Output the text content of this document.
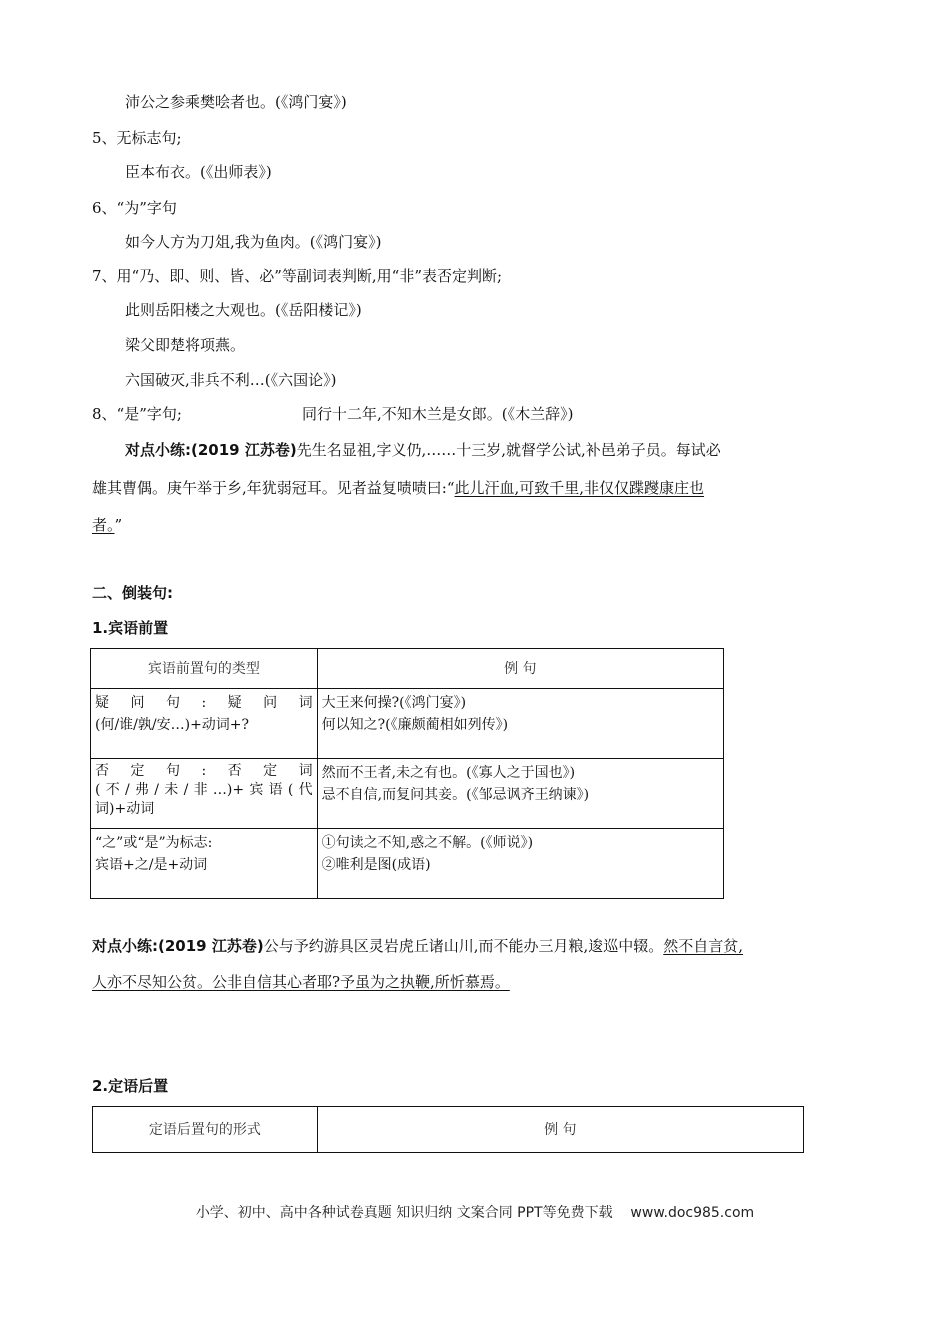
沛公之参乘樊哙者也。(《鸿门宴》)
5、无标志句;
臣本布衣。(《出师表》)
6、“为”字句
如今人方为刀俎,我为鱼肉。(《鸿门宴》)
7、用“乃、即、则、皆、必”等副词表判断,用“非”表否定判断;
此则岳阳楼之大观也。(《岳阳楼记》)
梁父即楚将项燕。
六国破灭,非兵不利…(《六国论》)
8、“是”字句;	同行十二年,不知木兰是女郎。(《木兰辞》)
对点小练:(2019 江苏卷)先生名显祖,字义仍,……十三岁,就督学公试,补邑弟子员。每试必
雄其曹偶。庚午举于乡,年犹弱冠耳。见者益复啧啧曰:“此儿汗血,可致千里,非仅仅蹀躞康庄也
者。”
二、倒装句:
1.宾语前置
宾语前置句的类型	例 句

疑问句:疑问词
(何/谁/孰/安…)+动词+?	大王来何操?(《鸿门宴》)
何以知之?(《廉颇蔺相如列传》)

否定句:否定词
(不/弗/未/非…)+宾语(代
词)+动词	然而不王者,未之有也。(《寡人之于国也》)
忌不自信,而复问其妾。(《邹忌讽齐王纳谏》)

“之”或“是”为标志:
宾语+之/是+动词	①句读之不知,惑之不解。(《师说》)
②唯利是图(成语)
对点小练:(2019 江苏卷)公与予约游具区灵岩虎丘诸山川,而不能办三月粮,逡巡中辍。然不自言贫,
人亦不尽知公贫。公非自信其心者耶?予虽为之执鞭,所忻慕焉。
2.定语后置
定语后置句的形式	例 句
小学、初中、高中各种试卷真题 知识归纳 文案合同 PPT等免费下载 www.doc985.com
